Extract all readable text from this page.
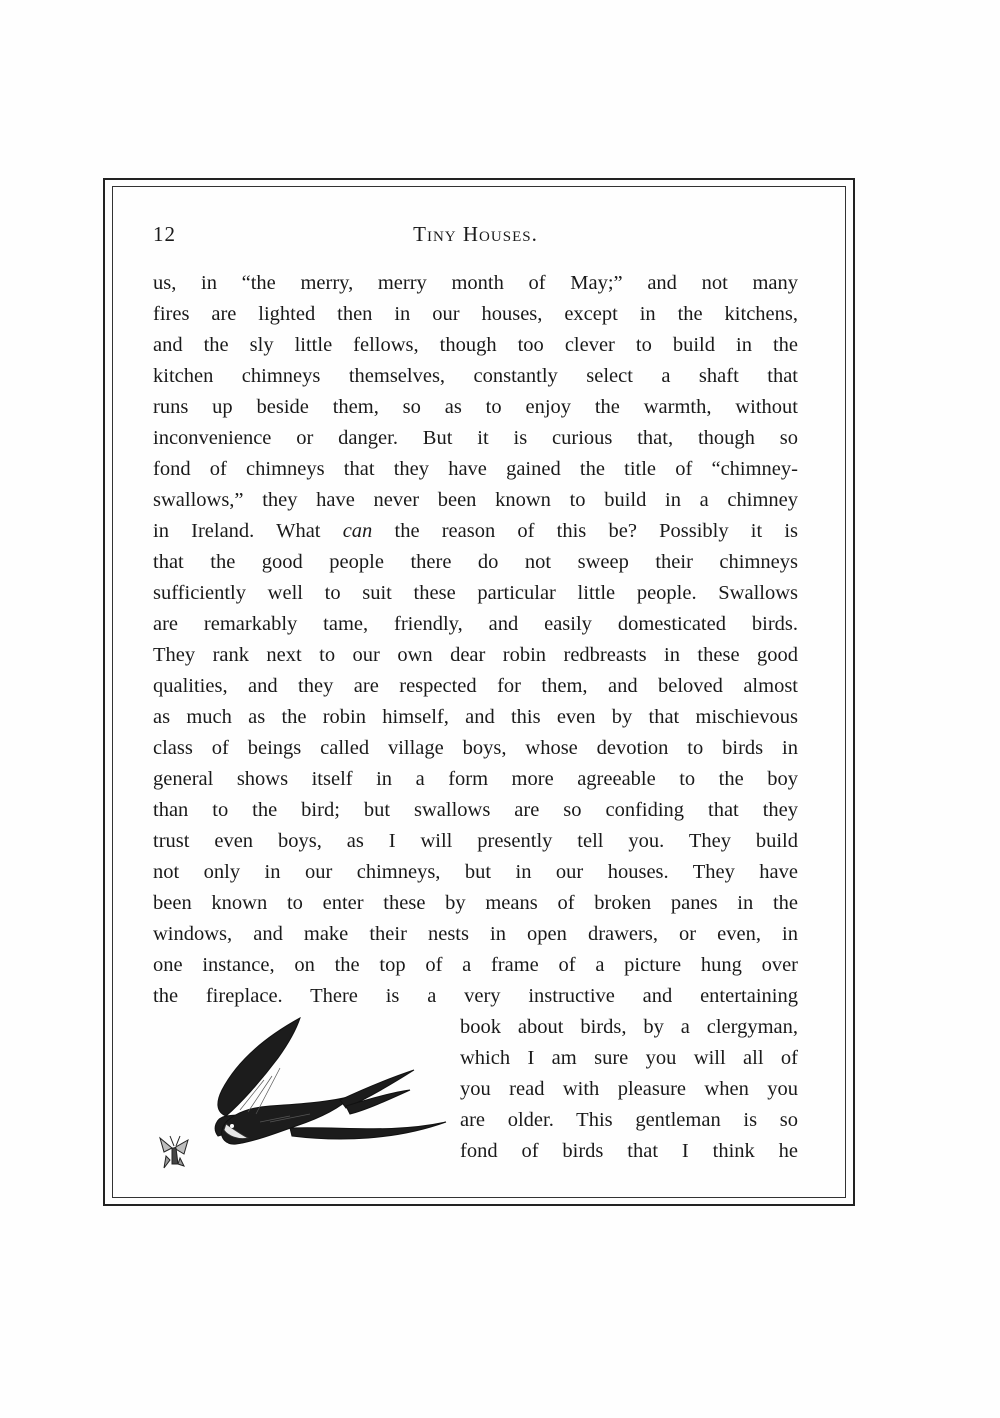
12	Tiny Houses.
us, in “the merry, merry month of May;” and not many
fires are lighted then in our houses, except in the kitchens,
and the sly little fellows, though too clever to build in the
kitchen chimneys themselves, constantly select a shaft that
runs up beside them, so as to enjoy the warmth, without
inconvenience or danger. But it is curious that, though so
fond of chimneys that they have gained the title of “chimney-
swallows,” they have never been known to build in a chimney
in Ireland. What can the reason of this be? Possibly it is
that the good people there do not sweep their chimneys
sufficiently well to suit these particular little people. Swallows
are remarkably tame, friendly, and easily domesticated birds.
They rank next to our own dear robin redbreasts in these good
qualities, and they are respected for them, and beloved almost
as much as the robin himself, and this even by that mischievous
class of beings called village boys, whose devotion to birds in
general shows itself in a form more agreeable to the boy
than to the bird; but swallows are so confiding that they
trust even boys, as I will presently tell you. They build
not only in our chimneys, but in our houses. They have
been known to enter these by means of broken panes in the
windows, and make their nests in open drawers, or even, in
one instance, on the top of a frame of a picture hung over
the fireplace. There is a very instructive and entertaining
book about birds, by a clergyman,
which I am sure you will all of
you read with pleasure when you
are older. This gentleman is so
fond of birds that I think he
